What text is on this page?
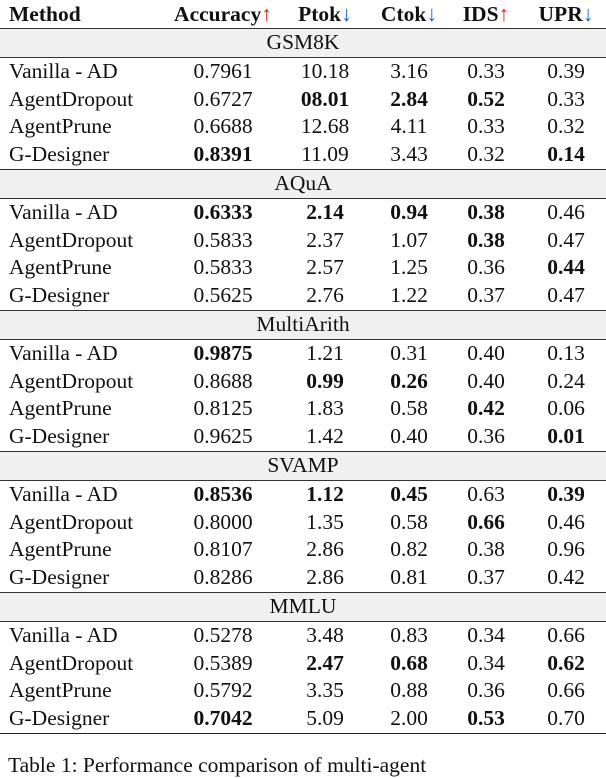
Method	Accuracy↑	Ptok↓	Ctok↓	IDS↑	UPR↓
GSM8K
Vanilla - AD	0.7961	10.18	3.16	0.33	0.39
AgentDropout	0.6727	08.01	2.84	0.52	0.33
AgentPrune	0.6688	12.68	4.11	0.33	0.32
G-Designer	0.8391	11.09	3.43	0.32	0.14
AQuA
Vanilla - AD	0.6333	2.14	0.94	0.38	0.46
AgentDropout	0.5833	2.37	1.07	0.38	0.47
AgentPrune	0.5833	2.57	1.25	0.36	0.44
G-Designer	0.5625	2.76	1.22	0.37	0.47
MultiArith
Vanilla - AD	0.9875	1.21	0.31	0.40	0.13
AgentDropout	0.8688	0.99	0.26	0.40	0.24
AgentPrune	0.8125	1.83	0.58	0.42	0.06
G-Designer	0.9625	1.42	0.40	0.36	0.01
SVAMP
Vanilla - AD	0.8536	1.12	0.45	0.63	0.39
AgentDropout	0.8000	1.35	0.58	0.66	0.46
AgentPrune	0.8107	2.86	0.82	0.38	0.96
G-Designer	0.8286	2.86	0.81	0.37	0.42
MMLU
Vanilla - AD	0.5278	3.48	0.83	0.34	0.66
AgentDropout	0.5389	2.47	0.68	0.34	0.62
AgentPrune	0.5792	3.35	0.88	0.36	0.66
G-Designer	0.7042	5.09	2.00	0.53	0.70
Table 1: Performance comparison of multi-agent
